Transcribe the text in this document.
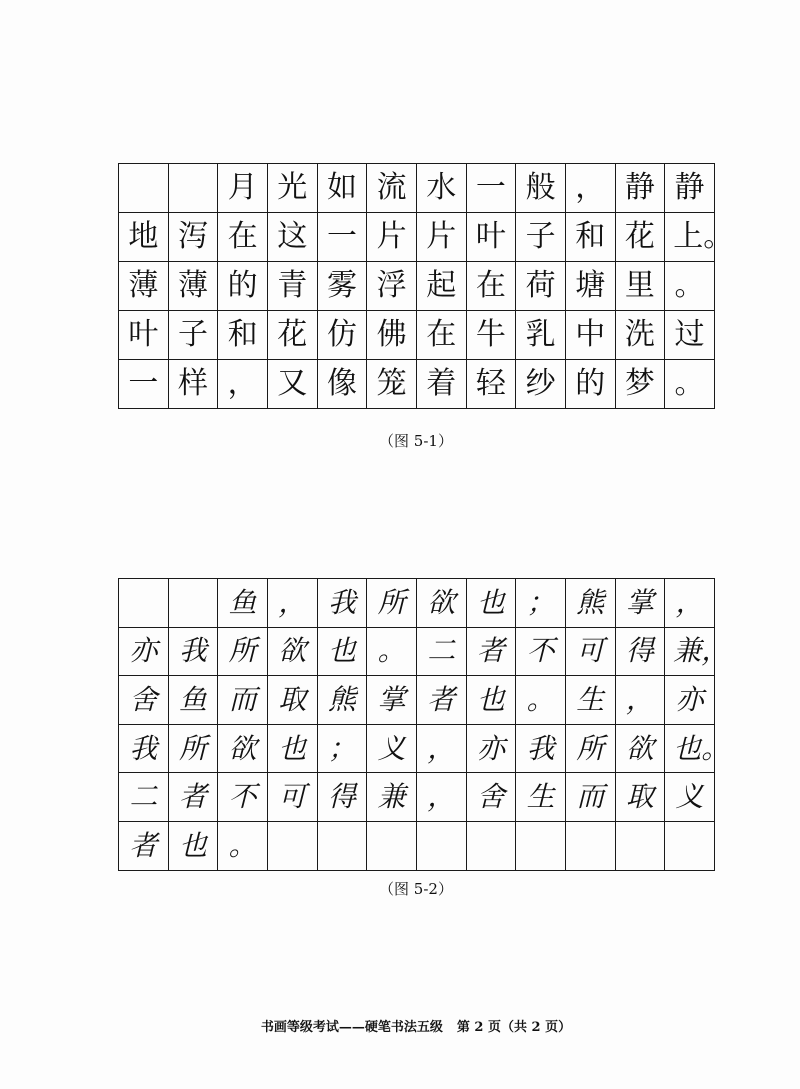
		月	光	如	流	水	一	般	，	静	静
地	泻	在	这	一	片	片	叶	子	和	花	上。
薄	薄	的	青	雾	浮	起	在	荷	塘	里	。
叶	子	和	花	仿	佛	在	牛	乳	中	洗	过
一	样	，	又	像	笼	着	轻	纱	的	梦	。
（图 5-1）
		鱼	，	我	所	欲	也	；	熊	掌	，
亦	我	所	欲	也	。	二	者	不	可	得	兼，
舍	鱼	而	取	熊	掌	者	也	。	生	，	亦
我	所	欲	也	；	义	，	亦	我	所	欲	也。
二	者	不	可	得	兼	，	舍	生	而	取	义
者	也	。									
（图 5-2）
书画等级考试——硬笔书法五级 第 2 页（共 2 页）
